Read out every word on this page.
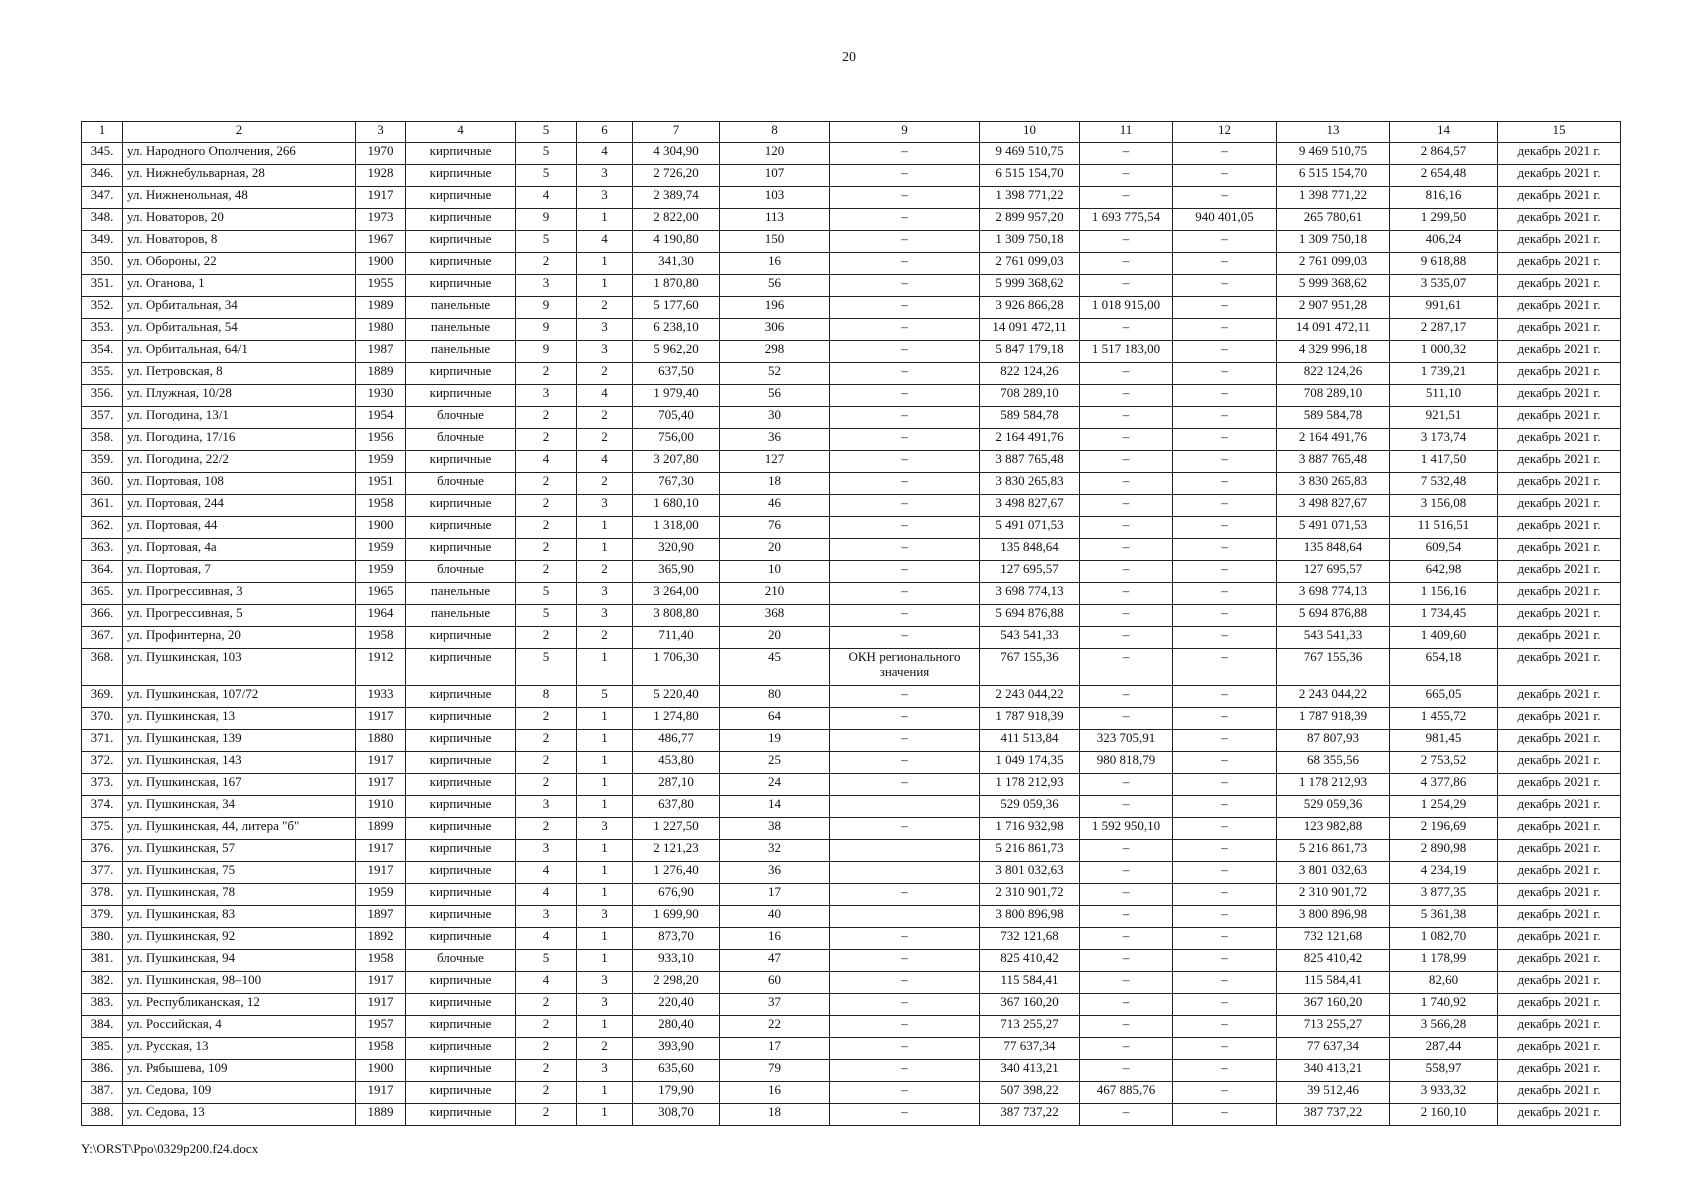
20
1	2	3	4	5	6	7	8	9	10	11	12	13	14	15
345.	ул. Народного Ополчения, 266	1970	кирпичные	5	4	4 304,90	120	–	9 469 510,75	–	–	9 469 510,75	2 864,57	декабрь 2021 г.
346.	ул. Нижнебульварная, 28	1928	кирпичные	5	3	2 726,20	107	–	6 515 154,70	–	–	6 515 154,70	2 654,48	декабрь 2021 г.
347.	ул. Нижненольная, 48	1917	кирпичные	4	3	2 389,74	103	–	1 398 771,22	–	–	1 398 771,22	816,16	декабрь 2021 г.
348.	ул. Новаторов, 20	1973	кирпичные	9	1	2 822,00	113	–	2 899 957,20	1 693 775,54	940 401,05	265 780,61	1 299,50	декабрь 2021 г.
349.	ул. Новаторов, 8	1967	кирпичные	5	4	4 190,80	150	–	1 309 750,18	–	–	1 309 750,18	406,24	декабрь 2021 г.
350.	ул. Обороны, 22	1900	кирпичные	2	1	341,30	16	–	2 761 099,03	–	–	2 761 099,03	9 618,88	декабрь 2021 г.
351.	ул. Оганова, 1	1955	кирпичные	3	1	1 870,80	56	–	5 999 368,62	–	–	5 999 368,62	3 535,07	декабрь 2021 г.
352.	ул. Орбитальная, 34	1989	панельные	9	2	5 177,60	196	–	3 926 866,28	1 018 915,00	–	2 907 951,28	991,61	декабрь 2021 г.
353.	ул. Орбитальная, 54	1980	панельные	9	3	6 238,10	306	–	14 091 472,11	–	–	14 091 472,11	2 287,17	декабрь 2021 г.
354.	ул. Орбитальная, 64/1	1987	панельные	9	3	5 962,20	298	–	5 847 179,18	1 517 183,00	–	4 329 996,18	1 000,32	декабрь 2021 г.
355.	ул. Петровская, 8	1889	кирпичные	2	2	637,50	52	–	822 124,26	–	–	822 124,26	1 739,21	декабрь 2021 г.
356.	ул. Плужная, 10/28	1930	кирпичные	3	4	1 979,40	56	–	708 289,10	–	–	708 289,10	511,10	декабрь 2021 г.
357.	ул. Погодина, 13/1	1954	блочные	2	2	705,40	30	–	589 584,78	–	–	589 584,78	921,51	декабрь 2021 г.
358.	ул. Погодина, 17/16	1956	блочные	2	2	756,00	36	–	2 164 491,76	–	–	2 164 491,76	3 173,74	декабрь 2021 г.
359.	ул. Погодина, 22/2	1959	кирпичные	4	4	3 207,80	127	–	3 887 765,48	–	–	3 887 765,48	1 417,50	декабрь 2021 г.
360.	ул. Портовая, 108	1951	блочные	2	2	767,30	18	–	3 830 265,83	–	–	3 830 265,83	7 532,48	декабрь 2021 г.
361.	ул. Портовая, 244	1958	кирпичные	2	3	1 680,10	46	–	3 498 827,67	–	–	3 498 827,67	3 156,08	декабрь 2021 г.
362.	ул. Портовая, 44	1900	кирпичные	2	1	1 318,00	76	–	5 491 071,53	–	–	5 491 071,53	11 516,51	декабрь 2021 г.
363.	ул. Портовая, 4а	1959	кирпичные	2	1	320,90	20	–	135 848,64	–	–	135 848,64	609,54	декабрь 2021 г.
364.	ул. Портовая, 7	1959	блочные	2	2	365,90	10	–	127 695,57	–	–	127 695,57	642,98	декабрь 2021 г.
365.	ул. Прогрессивная, 3	1965	панельные	5	3	3 264,00	210	–	3 698 774,13	–	–	3 698 774,13	1 156,16	декабрь 2021 г.
366.	ул. Прогрессивная, 5	1964	панельные	5	3	3 808,80	368	–	5 694 876,88	–	–	5 694 876,88	1 734,45	декабрь 2021 г.
367.	ул. Профинтерна, 20	1958	кирпичные	2	2	711,40	20	–	543 541,33	–	–	543 541,33	1 409,60	декабрь 2021 г.
368.	ул. Пушкинская, 103	1912	кирпичные	5	1	1 706,30	45	ОКН регионального значения	767 155,36	–	–	767 155,36	654,18	декабрь 2021 г.
369.	ул. Пушкинская, 107/72	1933	кирпичные	8	5	5 220,40	80	–	2 243 044,22	–	–	2 243 044,22	665,05	декабрь 2021 г.
370.	ул. Пушкинская, 13	1917	кирпичные	2	1	1 274,80	64	–	1 787 918,39	–	–	1 787 918,39	1 455,72	декабрь 2021 г.
371.	ул. Пушкинская, 139	1880	кирпичные	2	1	486,77	19	–	411 513,84	323 705,91	–	87 807,93	981,45	декабрь 2021 г.
372.	ул. Пушкинская, 143	1917	кирпичные	2	1	453,80	25	–	1 049 174,35	980 818,79	–	68 355,56	2 753,52	декабрь 2021 г.
373.	ул. Пушкинская, 167	1917	кирпичные	2	1	287,10	24	–	1 178 212,93	–	–	1 178 212,93	4 377,86	декабрь 2021 г.
374.	ул. Пушкинская, 34	1910	кирпичные	3	1	637,80	14		529 059,36	–	–	529 059,36	1 254,29	декабрь 2021 г.
375.	ул. Пушкинская, 44, литера "б"	1899	кирпичные	2	3	1 227,50	38	–	1 716 932,98	1 592 950,10	–	123 982,88	2 196,69	декабрь 2021 г.
376.	ул. Пушкинская, 57	1917	кирпичные	3	1	2 121,23	32		5 216 861,73	–	–	5 216 861,73	2 890,98	декабрь 2021 г.
377.	ул. Пушкинская, 75	1917	кирпичные	4	1	1 276,40	36		3 801 032,63	–	–	3 801 032,63	4 234,19	декабрь 2021 г.
378.	ул. Пушкинская, 78	1959	кирпичные	4	1	676,90	17	–	2 310 901,72	–	–	2 310 901,72	3 877,35	декабрь 2021 г.
379.	ул. Пушкинская, 83	1897	кирпичные	3	3	1 699,90	40		3 800 896,98	–	–	3 800 896,98	5 361,38	декабрь 2021 г.
380.	ул. Пушкинская, 92	1892	кирпичные	4	1	873,70	16	–	732 121,68	–	–	732 121,68	1 082,70	декабрь 2021 г.
381.	ул. Пушкинская, 94	1958	блочные	5	1	933,10	47	–	825 410,42	–	–	825 410,42	1 178,99	декабрь 2021 г.
382.	ул. Пушкинская, 98–100	1917	кирпичные	4	3	2 298,20	60	–	115 584,41	–	–	115 584,41	82,60	декабрь 2021 г.
383.	ул. Республиканская, 12	1917	кирпичные	2	3	220,40	37	–	367 160,20	–	–	367 160,20	1 740,92	декабрь 2021 г.
384.	ул. Российская, 4	1957	кирпичные	2	1	280,40	22	–	713 255,27	–	–	713 255,27	3 566,28	декабрь 2021 г.
385.	ул. Русская, 13	1958	кирпичные	2	2	393,90	17	–	77 637,34	–	–	77 637,34	287,44	декабрь 2021 г.
386.	ул. Рябышева, 109	1900	кирпичные	2	3	635,60	79	–	340 413,21	–	–	340 413,21	558,97	декабрь 2021 г.
387.	ул. Седова, 109	1917	кирпичные	2	1	179,90	16	–	507 398,22	467 885,76	–	39 512,46	3 933,32	декабрь 2021 г.
388.	ул. Седова, 13	1889	кирпичные	2	1	308,70	18	–	387 737,22	–	–	387 737,22	2 160,10	декабрь 2021 г.
Y:\ORST\Ppo\0329p200.f24.docx
